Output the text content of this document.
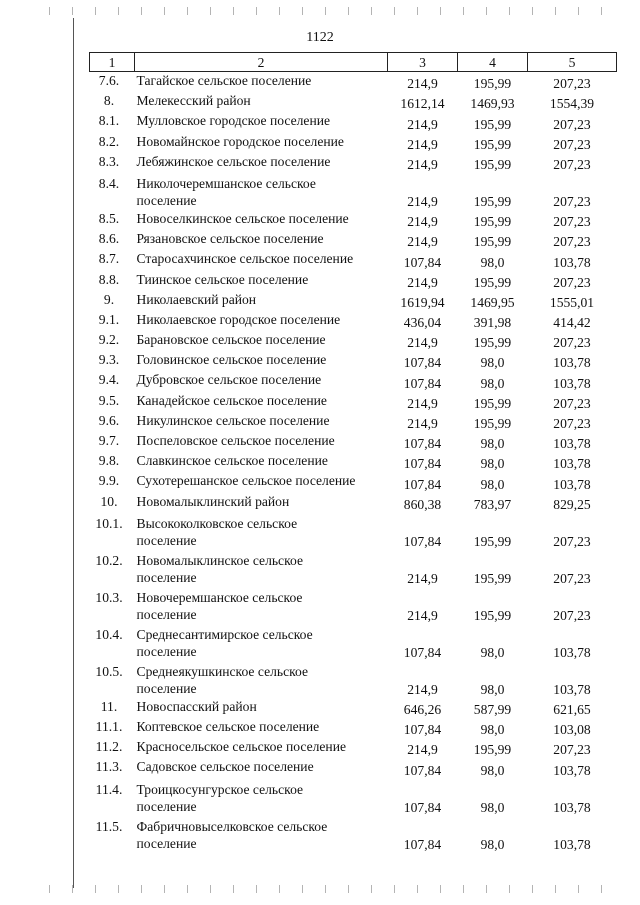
1122
1	2	3	4	5
7.6.	Тагайское сельское поселение	214,9	195,99	207,23
8.	Мелекесский район	1612,14	1469,93	1554,39
8.1.	Мулловское городское поселение	214,9	195,99	207,23
8.2.	Новомайнское городское поселение	214,9	195,99	207,23
8.3.	Лебяжинское сельское поселение	214,9	195,99	207,23
8.4.	Николочеремшанское сельское
поселение	214,9	195,99	207,23
8.5.	Новоселкинское сельское поселение	214,9	195,99	207,23
8.6.	Рязановское сельское поселение	214,9	195,99	207,23
8.7.	Старосахчинское сельское поселение	107,84	98,0	103,78
8.8.	Тиинское сельское поселение	214,9	195,99	207,23
9.	Николаевский район	1619,94	1469,95	1555,01
9.1.	Николаевское городское поселение	436,04	391,98	414,42
9.2.	Барановское сельское поселение	214,9	195,99	207,23
9.3.	Головинское сельское поселение	107,84	98,0	103,78
9.4.	Дубровское сельское поселение	107,84	98,0	103,78
9.5.	Канадейское сельское поселение	214,9	195,99	207,23
9.6.	Никулинское сельское поселение	214,9	195,99	207,23
9.7.	Поспеловское сельское поселение	107,84	98,0	103,78
9.8.	Славкинское сельское поселение	107,84	98,0	103,78
9.9.	Сухотерешанское сельское поселение	107,84	98,0	103,78
10.	Новомалыклинский район	860,38	783,97	829,25
10.1.	Высококолковское сельское
поселение	107,84	195,99	207,23
10.2.	Новомалыклинское сельское
поселение	214,9	195,99	207,23
10.3.	Новочеремшанское сельское
поселение	214,9	195,99	207,23
10.4.	Среднесантимирское сельское
поселение	107,84	98,0	103,78
10.5.	Среднеякушкинское сельское
поселение	214,9	98,0	103,78
11.	Новоспасский район	646,26	587,99	621,65
11.1.	Коптевское сельское поселение	107,84	98,0	103,08
11.2.	Красносельское сельское поселение	214,9	195,99	207,23
11.3.	Садовское сельское поселение	107,84	98,0	103,78
11.4.	Троицкосунгурское сельское
поселение	107,84	98,0	103,78
11.5.	Фабричновыселковское сельское
поселение	107,84	98,0	103,78
